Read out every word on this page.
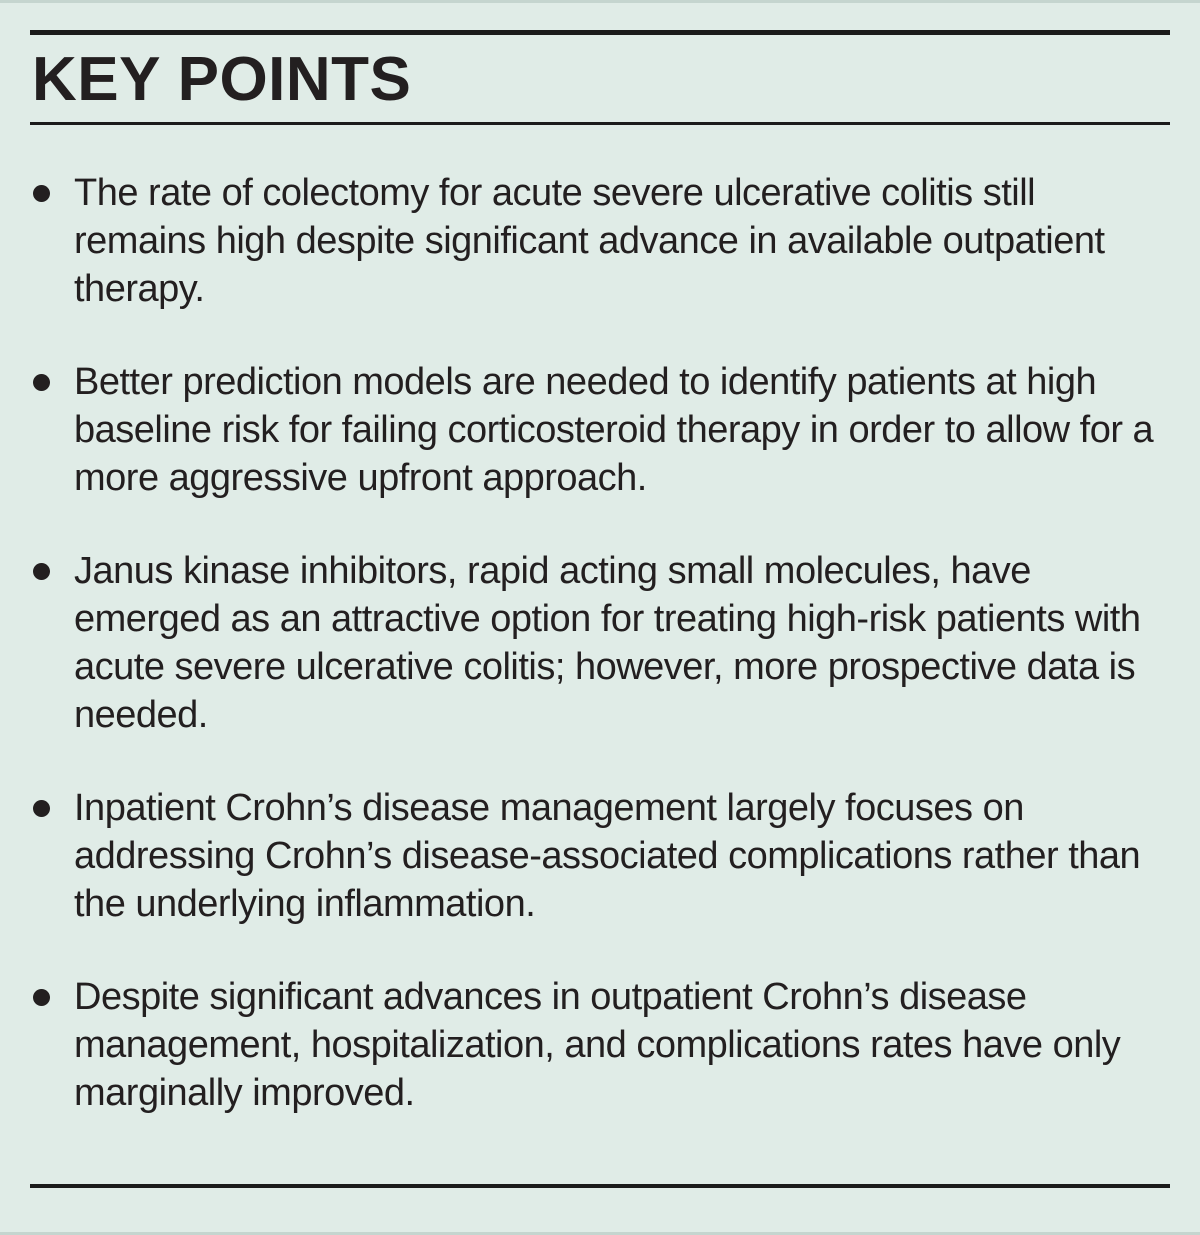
KEY POINTS
The rate of colectomy for acute severe ulcerative colitis still remains high despite significant advance in available outpatient therapy.
Better prediction models are needed to identify patients at high baseline risk for failing corticosteroid therapy in order to allow for a more aggressive upfront approach.
Janus kinase inhibitors, rapid acting small molecules, have emerged as an attractive option for treating high-risk patients with acute severe ulcerative colitis; however, more prospective data is needed.
Inpatient Crohn’s disease management largely focuses on addressing Crohn’s disease-associated complications rather than the underlying inflammation.
Despite significant advances in outpatient Crohn’s disease management, hospitalization, and complications rates have only marginally improved.
